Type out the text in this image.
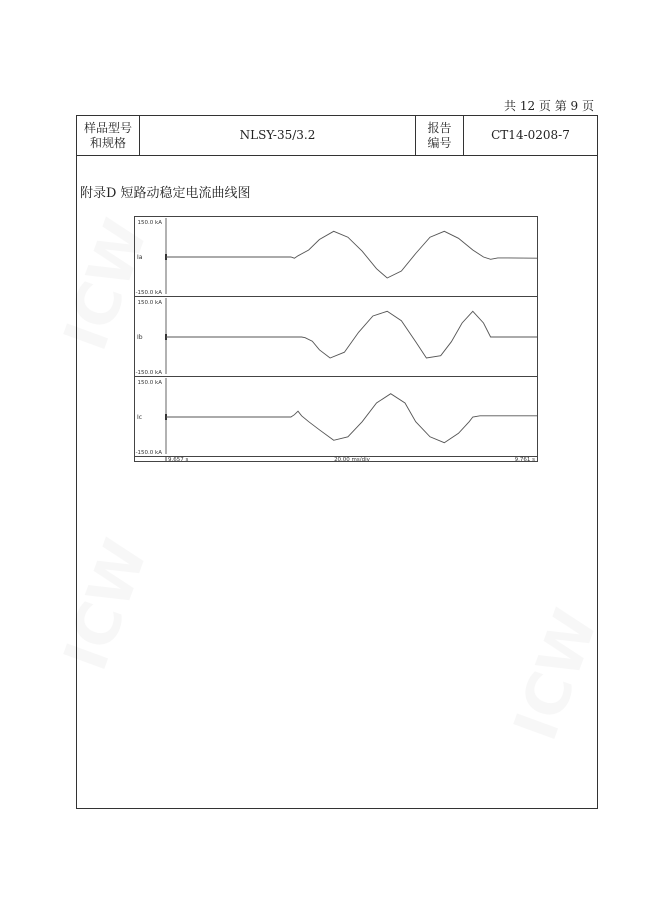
共 12 页 第 9 页
样品型号
和规格
NLSY-35/3.2
报告
编号
CT14-0208-7
附录D 短路动稳定电流曲线图
150.0 kA
-150.0 kA
Ia
150.0 kA
-150.0 kA
Ib
150.0 kA
-150.0 kA
Ic
9.657 s	20.00 ms/div	9.761 s
